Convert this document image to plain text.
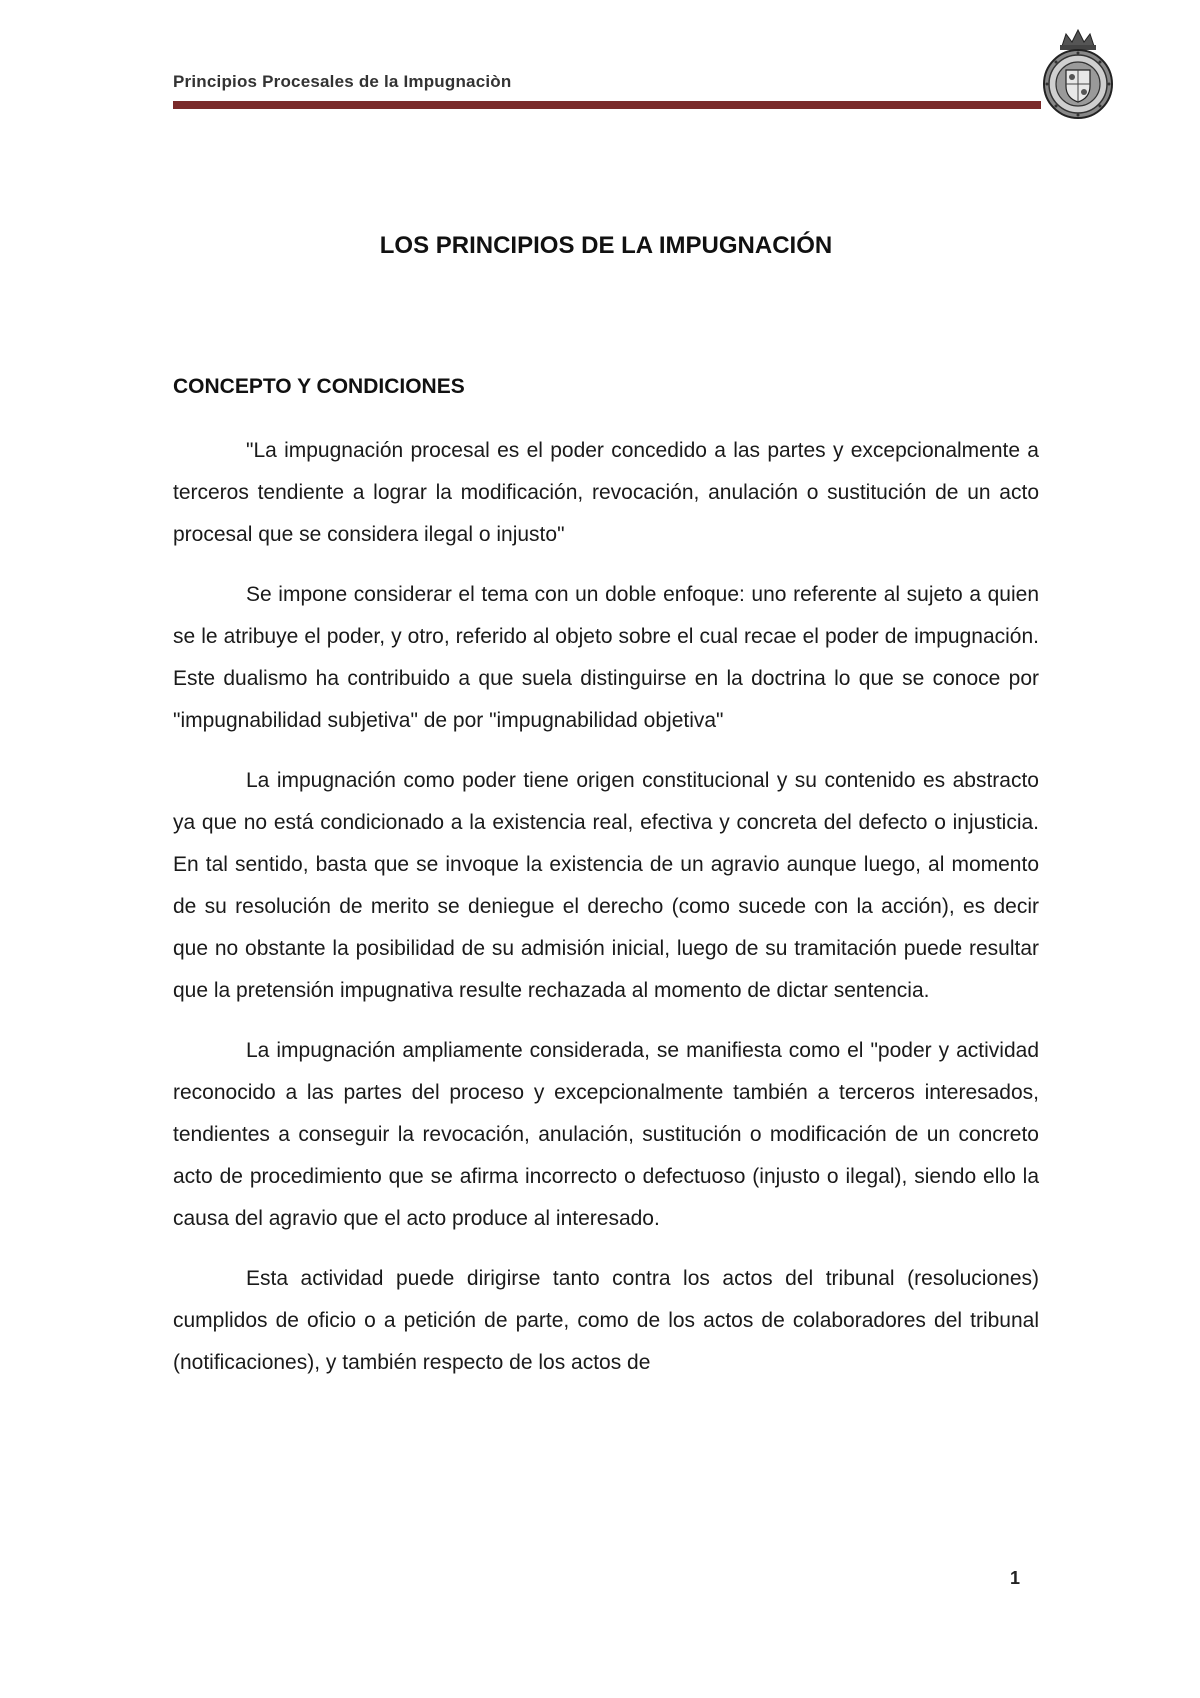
Principios Procesales de la Impugnaciòn
LOS PRINCIPIOS DE LA IMPUGNACIÓN
CONCEPTO Y CONDICIONES

"La impugnación procesal es el poder concedido a las partes y excepcionalmente a terceros tendiente a lograr la modificación, revocación, anulación o sustitución de un acto procesal que se considera ilegal o injusto"

Se impone considerar el tema con un doble enfoque: uno referente al sujeto a quien se le atribuye el poder, y otro, referido al objeto sobre el cual recae el poder de impugnación. Este dualismo ha contribuido a que suela distinguirse en la doctrina lo que se conoce por "impugnabilidad subjetiva" de por "impugnabilidad objetiva"

La impugnación como poder tiene origen constitucional y su contenido es abstracto ya que no está condicionado a la existencia real, efectiva y concreta del defecto o injusticia. En tal sentido, basta que se invoque la existencia de un agravio aunque luego, al momento de su resolución de merito se deniegue el derecho (como sucede con la acción), es decir que no obstante la posibilidad de su admisión inicial, luego de su tramitación puede resultar que la pretensión impugnativa resulte rechazada al momento de dictar sentencia.

La impugnación ampliamente considerada, se manifiesta como el "poder y actividad reconocido a las partes del proceso y excepcionalmente también a terceros interesados, tendientes a conseguir la revocación, anulación, sustitución o modificación de un concreto acto de procedimiento que se afirma incorrecto o defectuoso (injusto o ilegal), siendo ello la causa del agravio que el acto produce al interesado.

Esta actividad puede dirigirse tanto contra los actos del tribunal (resoluciones) cumplidos de oficio o a petición de parte, como de los actos de colaboradores del tribunal (notificaciones), y también respecto de los actos de

1
